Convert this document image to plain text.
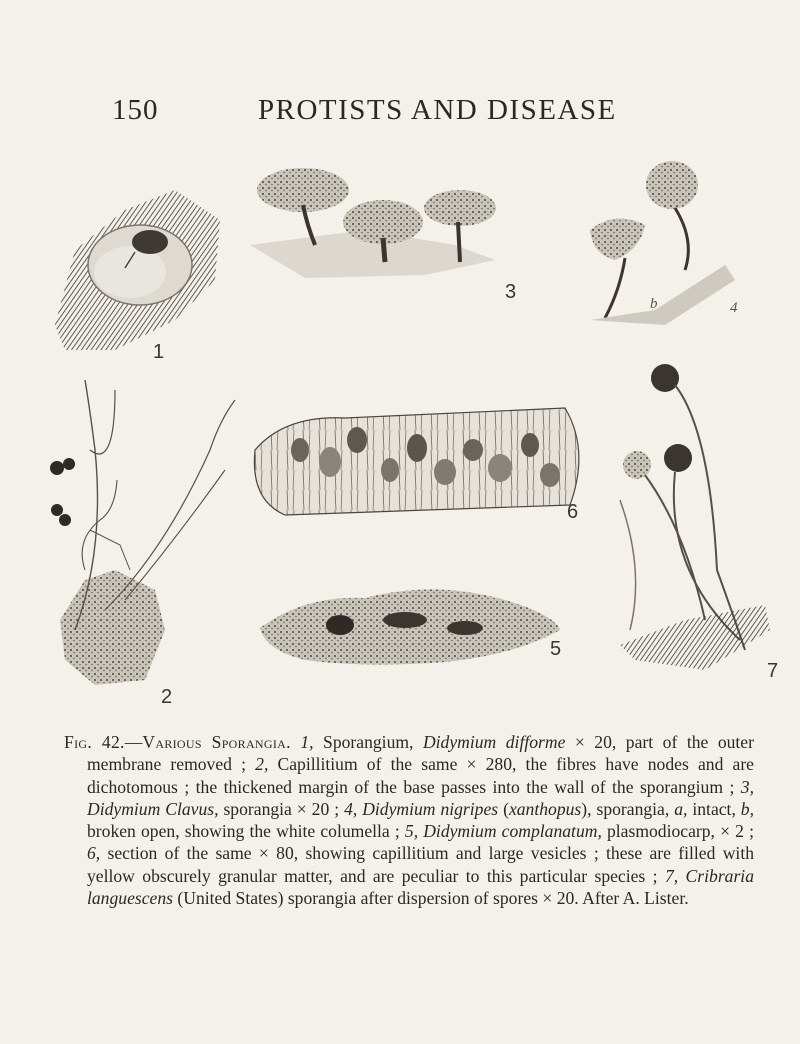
150	PROTISTS AND DISEASE
1
3
b	4
2
6
5
7

Fig. 42.—Various Sporangia. 1, Sporangium, Didymium difforme × 20, part of the outer membrane removed ; 2, Capillitium of the same × 280, the fibres have nodes and are dichotomous ; the thickened margin of the base passes into the wall of the sporangium ; 3, Didymium Clavus, sporangia × 20 ; 4, Didymium nigripes (xanthopus), sporangia, a, intact, b, broken open, showing the white columella ; 5, Didymium complanatum, plasmodiocarp, × 2 ; 6, section of the same × 80, showing capillitium and large vesicles ; these are filled with yellow obscurely granular matter, and are peculiar to this particular species ; 7, Cribraria languescens (United States) sporangia after dispersion of spores × 20. After A. Lister.
